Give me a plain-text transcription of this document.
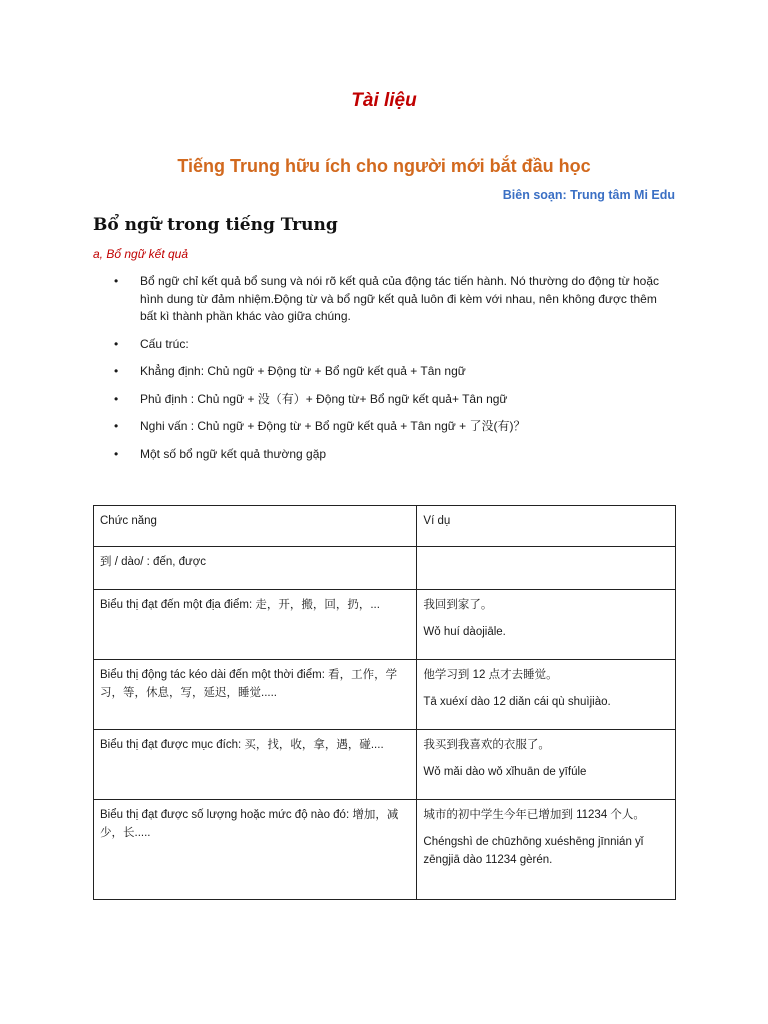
Tài liệu
Tiếng Trung hữu ích cho người mới bắt đầu học
Biên soạn: Trung tâm Mi Edu
Bổ ngữ trong tiếng Trung
a, Bổ ngữ kết quả
• Bổ ngữ chỉ kết quả bổ sung và nói rõ kết quả của động tác tiến hành. Nó thường do động từ hoặc hình dung từ đảm nhiệm.Động từ và bổ ngữ kết quả luôn đi kèm với nhau, nên không được thêm bất kì thành phần khác vào giữa chúng.
• Cấu trúc:
• Khẳng định: Chủ ngữ + Động từ + Bổ ngữ kết quả + Tân ngữ
• Phủ định : Chủ ngữ + 没（有）+ Động từ+ Bổ ngữ kết quả+ Tân ngữ
• Nghi vấn : Chủ ngữ + Động từ + Bổ ngữ kết quả + Tân ngữ + 了没(有)？
• Một số bổ ngữ kết quả thường gặp
Chức năng	Ví dụ
到 / dào/ : đến, được	
Biểu thị đạt đến một địa điểm: 走，开，搬，回，扔，...	我回到家了。
Wǒ huí dàojiāle.

Biểu thị động tác kéo dài đến một thời điểm: 看，工作，学习，等，休息，写，延迟，睡觉.....	他学习到 12 点才去睡觉。
Tā xuéxí dào 12 diǎn cái qù shuìjiào.

Biểu thị đạt được mục đích: 买，找，收，拿，遇，碰....	我买到我喜欢的衣服了。
Wǒ mǎi dào wǒ xǐhuān de yīfúle

Biểu thị đạt được số lượng hoặc mức độ nào đó: 增加，减少，长.....	城市的初中学生今年已增加到 11234 个人。
Chéngshì de chūzhōng xuéshēng jīnnián yǐ zēngjiā dào 11234 gèrén.
